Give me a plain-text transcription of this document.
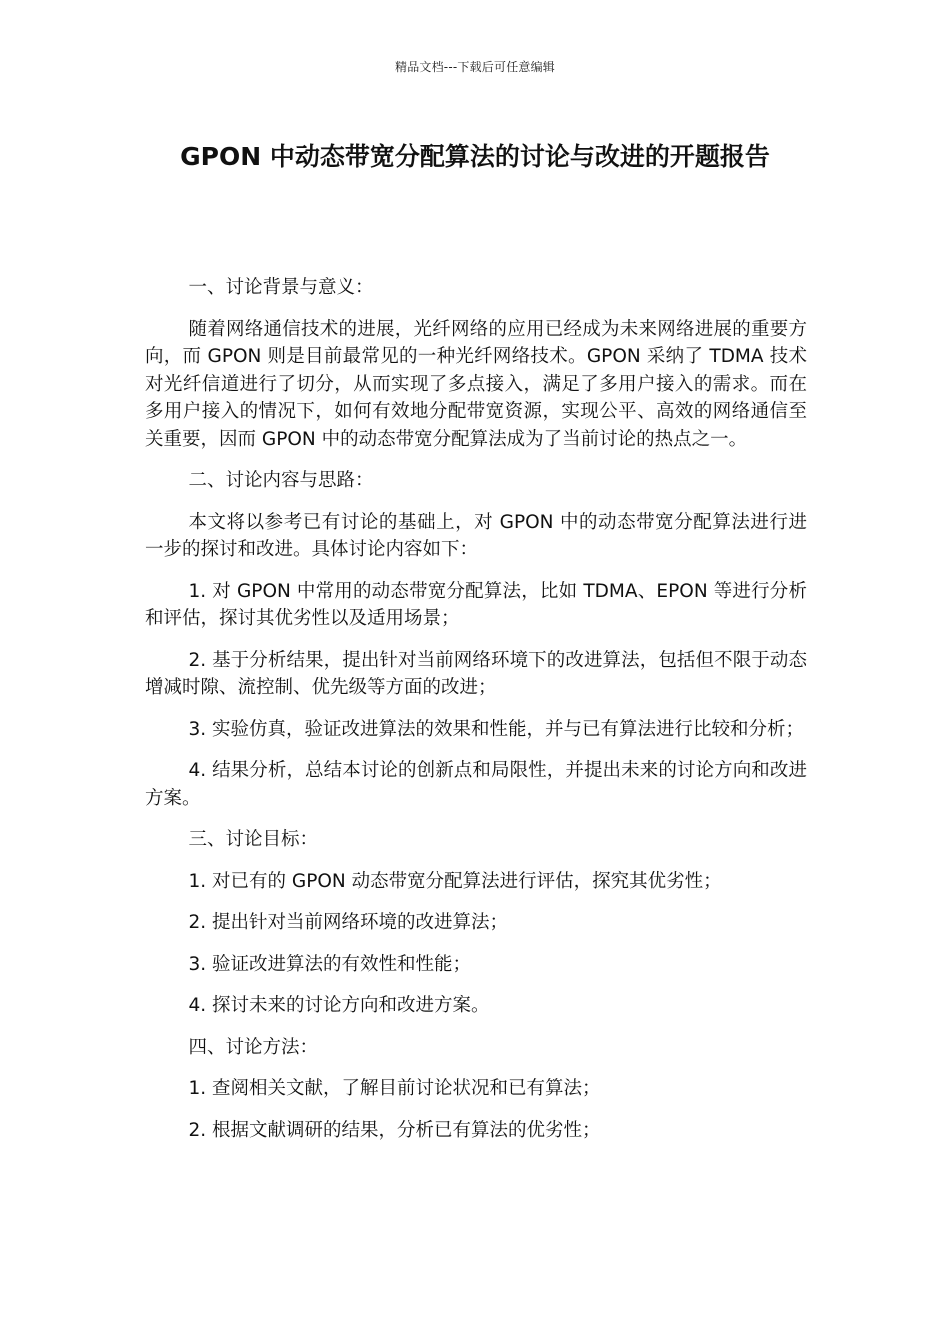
精品文档---下载后可任意编辑
GPON 中动态带宽分配算法的讨论与改进的开题报告

一、讨论背景与意义：

随着网络通信技术的进展，光纤网络的应用已经成为未来网络进展的重要方向，而 GPON 则是目前最常见的一种光纤网络技术。GPON 采纳了 TDMA 技术对光纤信道进行了切分，从而实现了多点接入，满足了多用户接入的需求。而在多用户接入的情况下，如何有效地分配带宽资源，实现公平、高效的网络通信至关重要，因而 GPON 中的动态带宽分配算法成为了当前讨论的热点之一。

二、讨论内容与思路：

本文将以参考已有讨论的基础上，对 GPON 中的动态带宽分配算法进行进一步的探讨和改进。具体讨论内容如下：

1. 对 GPON 中常用的动态带宽分配算法，比如 TDMA、EPON 等进行分析和评估，探讨其优劣性以及适用场景；

2. 基于分析结果，提出针对当前网络环境下的改进算法，包括但不限于动态增减时隙、流控制、优先级等方面的改进；

3. 实验仿真，验证改进算法的效果和性能，并与已有算法进行比较和分析；

4. 结果分析，总结本讨论的创新点和局限性，并提出未来的讨论方向和改进方案。

三、讨论目标：

1. 对已有的 GPON 动态带宽分配算法进行评估，探究其优劣性；

2. 提出针对当前网络环境的改进算法；

3. 验证改进算法的有效性和性能；

4. 探讨未来的讨论方向和改进方案。

四、讨论方法：

1. 查阅相关文献，了解目前讨论状况和已有算法；

2. 根据文献调研的结果，分析已有算法的优劣性；
